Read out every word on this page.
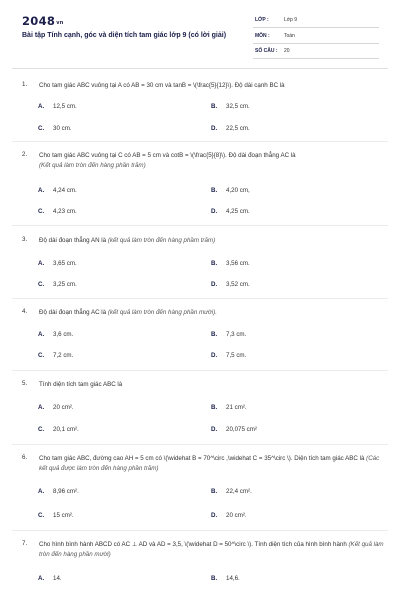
2048vn
Bài tập Tính cạnh, góc và diện tích tam giác lớp 9 (có lời giải)
LỚP :	Lớp 9
MÔN :	Toán
SỐ CÂU : 20
1. Cho tam giác ABC vuông tại A có AB = 30 cm và tanB = \(\frac{5}{12}\). Độ dài cạnh BC là
A. 12,5 cm.	B. 32,5 cm.
C. 30 cm.	D. 22,5 cm.
2. Cho tam giác ABC vuông tại C có AB = 5 cm và cotB = \(\frac{5}{8}\). Độ dài đoạn thẳng AC là
(Kết quả làm tròn đến hàng phần trăm)
A. 4,24 cm.	B. 4,20 cm,
C. 4,23 cm.	D. 4,25 cm.
3. Độ dài đoạn thẳng AN là (kết quả làm tròn đến hàng phầm trăm)
A. 3,65 cm.	B. 3,56 cm.
C. 3,25 cm.	D. 3,52 cm.
4. Độ dài đoạn thẳng AC là (kết quả làm tròn đến hàng phần mười).
A. 3,6 cm.	B. 7,3 cm.
C. 7,2 cm.	D. 7,5 cm.
5. Tính diện tích tam giác ABC là
A. 20 cm².	B. 21 cm².
C. 20,1 cm².	D. 20,075 cm²
6. Cho tam giác ABC, đường cao AH = 5 cm có \(\widehat B = 70^\circ ,\widehat C = 35^\circ \). Diện tích tam giác ABC là (Các kết quả được làm tròn đến hàng phần trăm)
A. 8,96 cm².	B. 22,4 cm².
C. 15 cm².	D. 20 cm².
7. Cho hình bình hành ABCD có AC ⊥ AD và AD = 3,5, \(\widehat D = 50^\circ \). Tính diện tích của hình bình hành (Kết quả làm tròn đến hàng phần mười)
A. 14.	B. 14,6.
